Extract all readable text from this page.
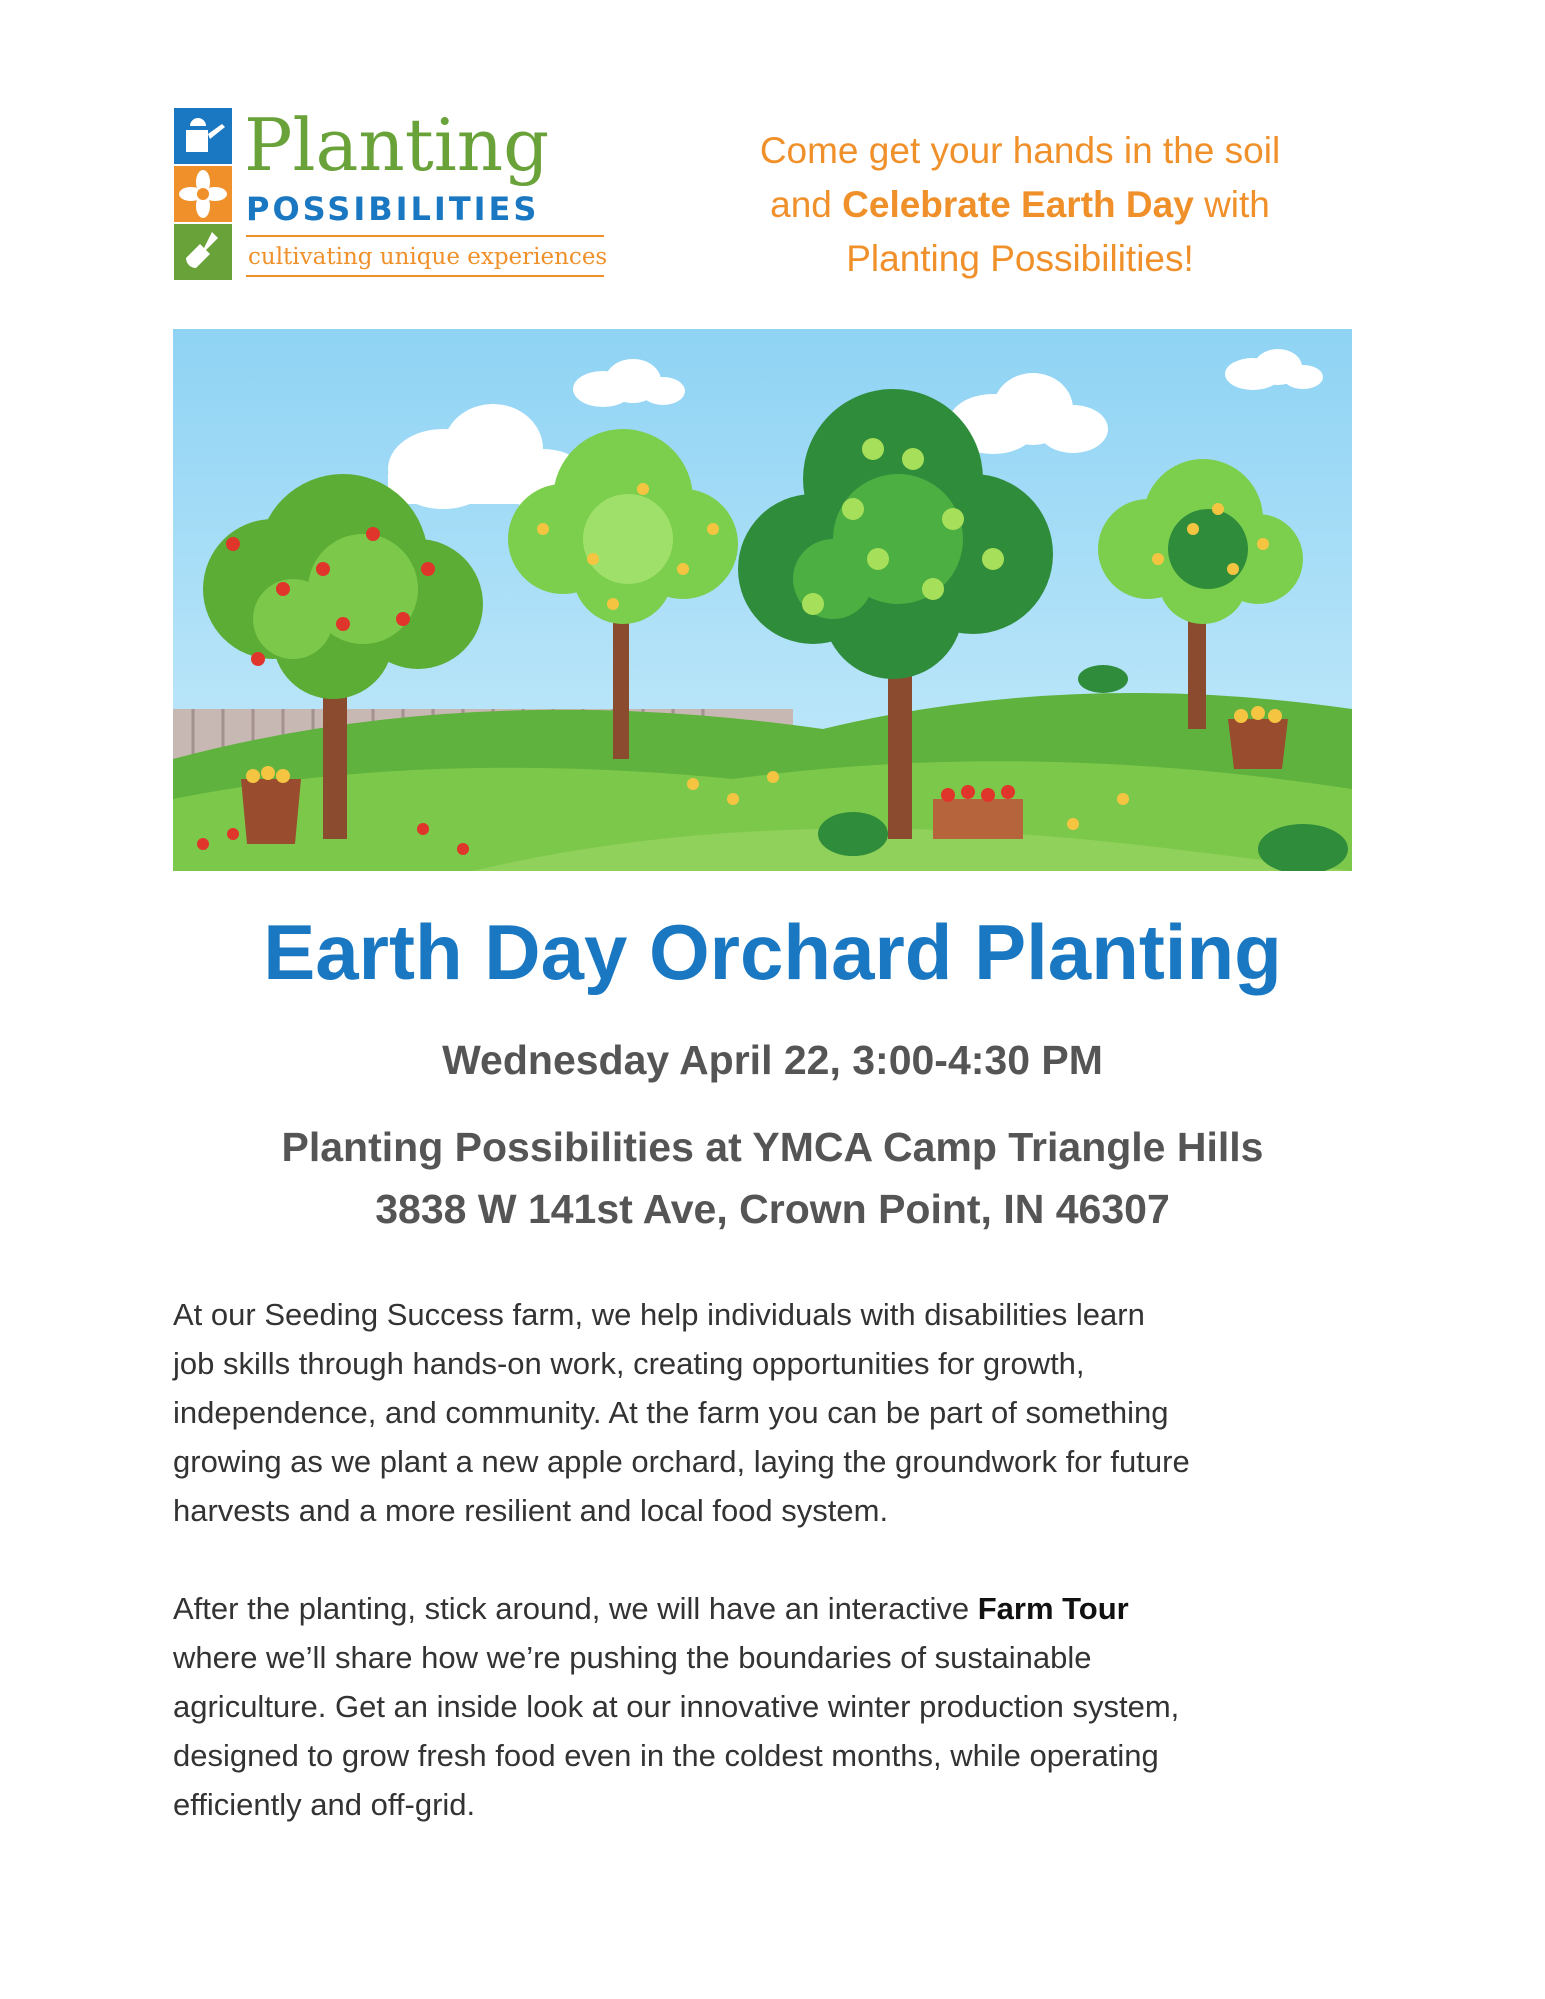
Planting
POSSIBILITIES
cultivating unique experiences
Come get your hands in the soil
and Celebrate Earth Day with
Planting Possibilities!
Earth Day Orchard Planting
Wednesday April 22, 3:00-4:30 PM
Planting Possibilities at YMCA Camp Triangle Hills
3838 W 141st Ave, Crown Point, IN 46307
At our Seeding Success farm, we help individuals with disabilities learn
job skills through hands-on work, creating opportunities for growth,
independence, and community. At the farm you can be part of something
growing as we plant a new apple orchard, laying the groundwork for future
harvests and a more resilient and local food system.
After the planting, stick around, we will have an interactive Farm Tour
where we’ll share how we’re pushing the boundaries of sustainable
agriculture. Get an inside look at our innovative winter production system,
designed to grow fresh food even in the coldest months, while operating
efficiently and off-grid.
